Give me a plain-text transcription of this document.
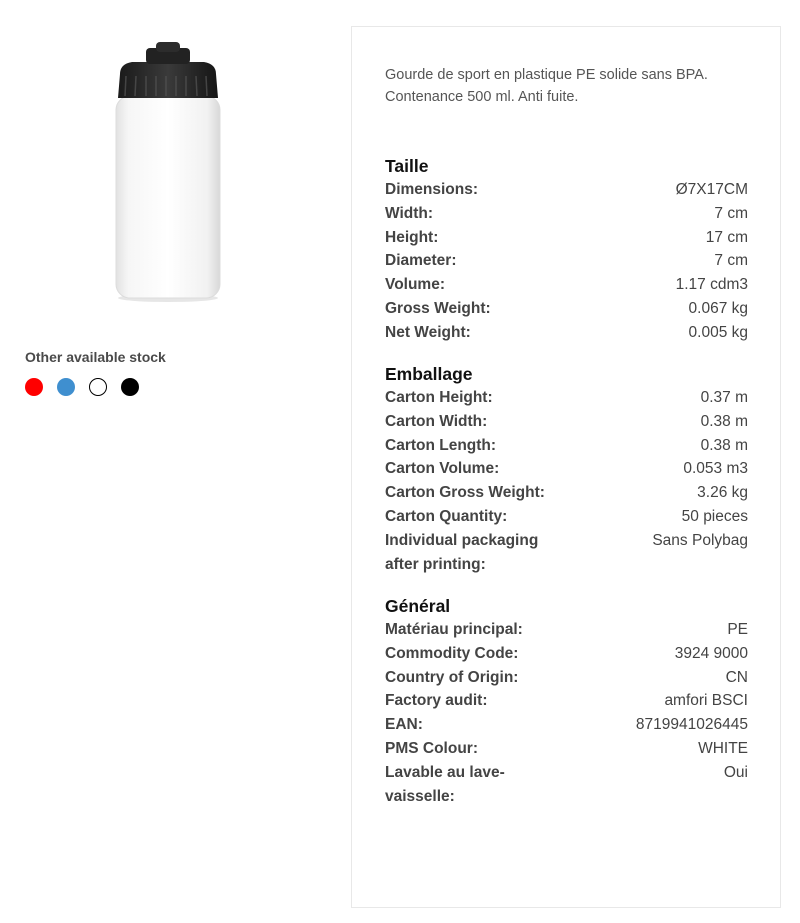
Other available stock

Gourde de sport en plastique PE solide sans BPA. Contenance 500 ml. Anti fuite.

Taille
Dimensions:	Ø7X17CM
Width:	7 cm
Height:	17 cm
Diameter:	7 cm
Volume:	1.17 cdm3
Gross Weight:	0.067 kg
Net Weight:	0.005 kg
Emballage
Carton Height:	0.37 m
Carton Width:	0.38 m
Carton Length:	0.38 m
Carton Volume:	0.053 m3
Carton Gross Weight:	3.26 kg
Carton Quantity:	50 pieces
Individual packaging after printing:
Sans Polybag
Général
Matériau principal:	PE
Commodity Code:	3924 9000
Country of Origin:	CN
Factory audit:	amfori BSCI
EAN:	8719941026445
PMS Colour:	WHITE
Lavable au lave-vaisselle:
Oui
